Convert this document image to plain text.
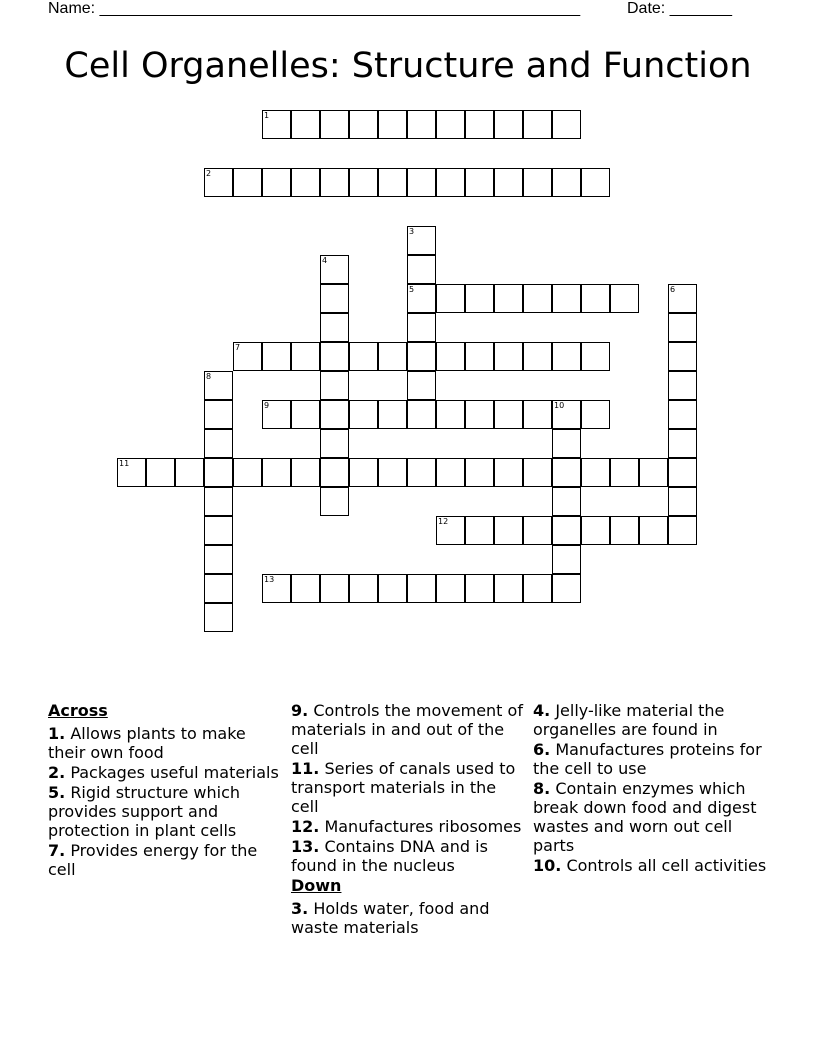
Name: ______________________________________________________	Date: _______
Cell Organelles: Structure and Function
1
2
5
7
9	10
11
12
13
3
4
6
8
Across
1. Allows plants to make their own food
2. Packages useful materials
5. Rigid structure which provides support and protection in plant cells
7. Provides energy for the cell
9. Controls the movement of materials in and out of the cell
11. Series of canals used to transport materials in the cell
12. Manufactures ribosomes
13. Contains DNA and is found in the nucleus
Down
3. Holds water, food and waste materials
4. Jelly-like material the organelles are found in
6. Manufactures proteins for the cell to use
8. Contain enzymes which break down food and digest wastes and worn out cell parts
10. Controls all cell activities
